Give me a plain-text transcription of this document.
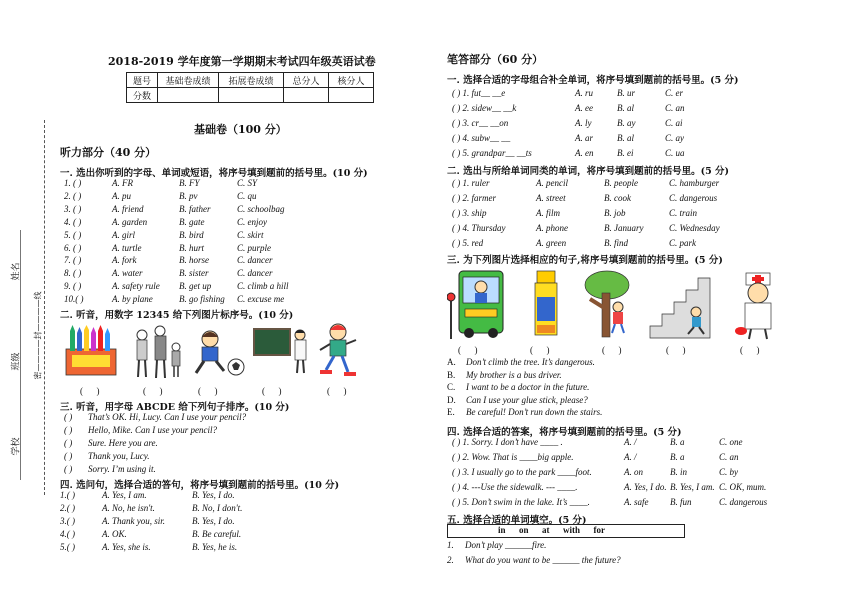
学校
班级
姓名
密————封————线
2018-2019 学年度第一学期期末考试四年级英语试卷
题号	基础卷成绩	拓展卷成绩	总分人	核分人
分数				
基础卷（100 分）
听力部分（40 分）
一. 选出你听到的字母、单词或短语，将序号填到题前的括号里。(10 分)
1. ( )	A. FR	B. FY	C. SY
2. ( )	A. pu	B. pv	C. qu
3. ( )	A. friend	B. father	C. schoolbag
4. ( )	A. garden	B. gate	C. enjoy
5. ( )	A. girl	B. bird	C. skirt
6. ( )	A. turtle	B. hurt	C. purple
7. ( )	A. fork	B. horse	C. dancer
8. ( )	A. water	B. sister	C. dancer
9. ( )	A. safety rule B. get up	C. climb a hill
10.( )	A. by plane	B. go fishing C. excuse me
二. 听音，用数字 12345 给下列图片标序号。(10 分)
(      )	(      )	(      )	(      )	(      )
三. 听音，用字母 ABCDE 给下列句子排序。(10 分)
( ) That’s OK. Hi, Lucy. Can I use your pencil?
( ) Hello, Mike. Can I use your pencil?
( ) Sure. Here you are.
( ) Thank you, Lucy.
( ) Sorry. I’m using it.
四. 选问句，选择合适的答句，将序号填到题前的括号里。(10 分)
1.( )	A. Yes, I am.	B. Yes, I do.
2.( )	A. No, he isn't.	B. No, I don't.
3.( )	A. Thank you, sir.	B. Yes, I do.
4.( )	A. OK.	B. Be careful.
5.( )	A. Yes, she is.	B. Yes, he is.
笔答部分（60 分）
一. 选择合适的字母组合补全单词，将序号填到题前的括号里。(5 分)
( ) 1. fut__ __e	A. ru	B. ur	C. er
( ) 2. sidew__ __k	A. ee	B. al	C. an
( ) 3. cr__ __on	A. ly	B. ay	C. ai
( ) 4. subw__ __	A. ar	B. al	C. ay
( ) 5. grandpar__ __ts	A. en	B. ei	C. ua
二. 选出与所给单词同类的单词，将序号填到题前的括号里。(5 分)
( ) 1. ruler	A. pencil	B. people	C. hamburger
( ) 2. farmer	A. street	B. cook	C. dangerous
( ) 3. ship	A. film	B. job	C. train
( ) 4. Thursday	A. phone	B. January	C. Wednesday
( ) 5. red	A. green	B. find	C. park
三. 为下列图片选择相应的句子,将序号填到题前的括号里。(5 分)
(      )	(      )	(      )	(      )	(      )
A. Don’t climb the tree. It’s dangerous.
B. My brother is a bus driver.
C. I want to be a doctor in the future.
D. Can I use your glue stick, please?
E. Be careful! Don’t run down the stairs.
四. 选择合适的答案，将序号填到题前的括号里。(5 分)
( ) 1. Sorry. I don’t have ____ .	A. /	B. a	C. one
( ) 2. Wow. That is ____big apple.	A. /	B. a	C. an
( ) 3. I usually go to the park ____foot.	A. on	B. in	C. by
( ) 4. ---Use the sidewalk. --- ____.	A. Yes, I do. B. Yes, I am. C. OK, mum.
( ) 5. Don’t swim in the lake. It’s ____.	A. safe B. fun	C. dangerous
五. 选择合适的单词填空。(5 分)
in      on      at      with      for
1. Don’t play ______fire.
2. What do you want to be ______ the future?
